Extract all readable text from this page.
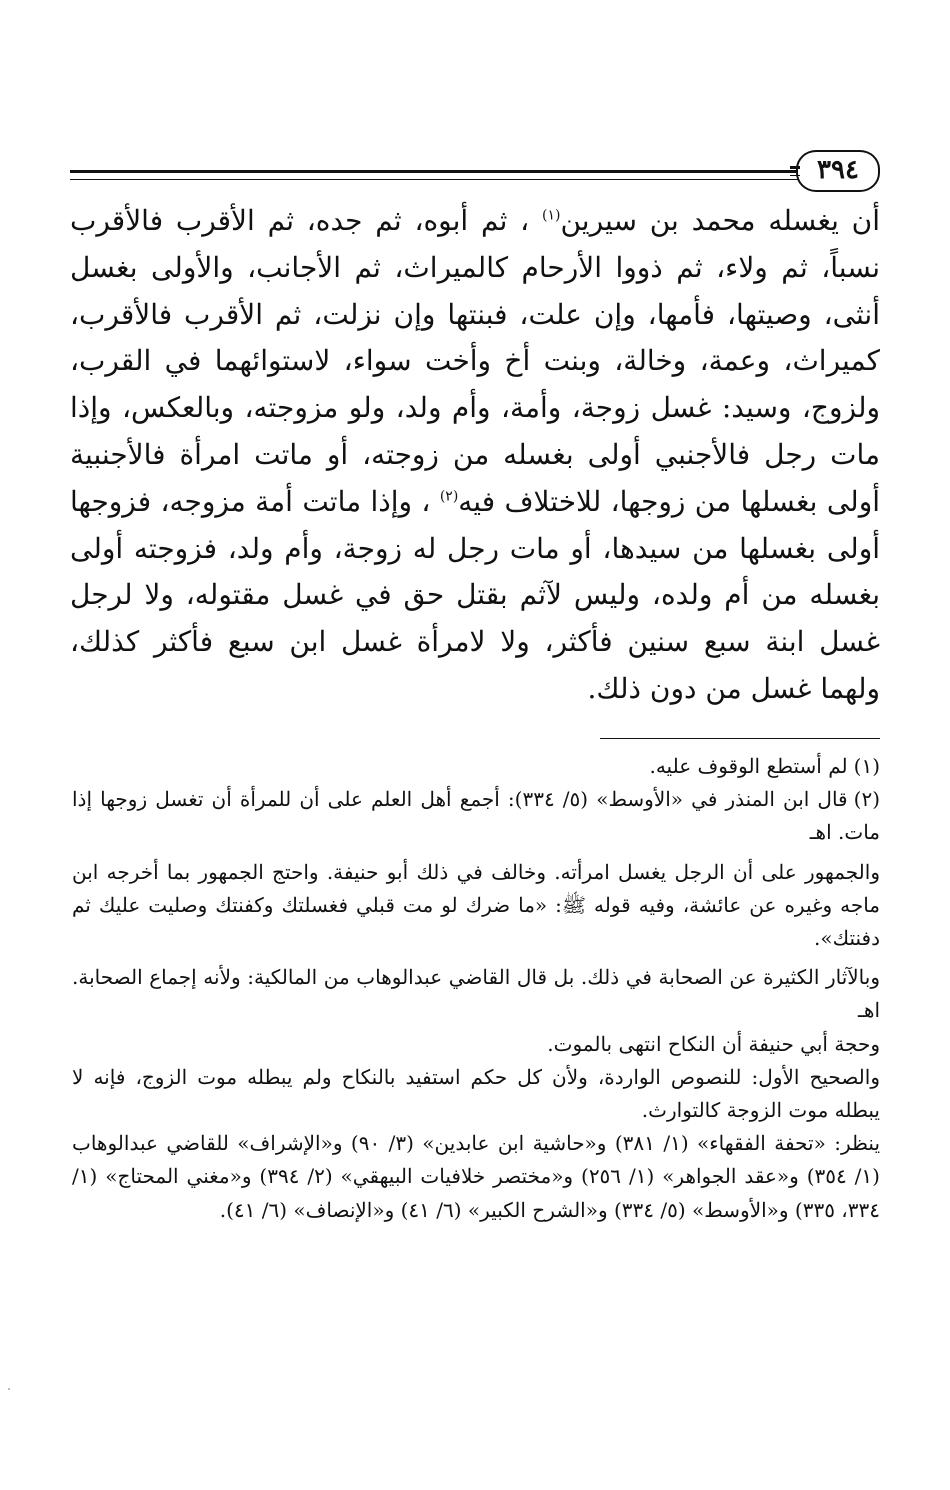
٣٩٤

أن يغسله محمد بن سيرين$^{(١)}$ ، ثم أبوه، ثم جده، ثم الأقرب فالأقرب نسباً، ثم ولاء، ثم ذووا الأرحام كالميراث، ثم الأجانب، والأولى بغسل أنثى، وصيتها، فأمها، وإن علت، فبنتها وإن نزلت، ثم الأقرب فالأقرب، كميراث، وعمة، وخالة، وبنت أخ وأخت سواء، لاستوائهما في القرب، ولزوج، وسيد: غسل زوجة، وأمة، وأم ولد، ولو مزوجته، وبالعكس، وإذا مات رجل فالأجنبي أولى بغسله من زوجته، أو ماتت امرأة فالأجنبية أولى بغسلها من زوجها، للاختلاف فيه$^{(٢)}$ ، وإذا ماتت أمة مزوجه، فزوجها أولى بغسلها من سيدها، أو مات رجل له زوجة، وأم ولد، فزوجته أولى بغسله من أم ولده، وليس لآثم بقتل حق في غسل مقتوله، ولا لرجل غسل ابنة سبع سنين فأكثر، ولا لامرأة غسل ابن سبع فأكثر كذلك، ولهما غسل من دون ذلك.

(١)لم أستطع الوقوف عليه.

(٢)قال ابن المنذر في «الأوسط» (٥/ ٣٣٤): أجمع أهل العلم على أن للمرأة أن تغسل زوجها إذا مات. اهـ

والجمهور على أن الرجل يغسل امرأته. وخالف في ذلك أبو حنيفة. واحتج الجمهور بما أخرجه ابن ماجه وغيره عن عائشة، وفيه قوله ﷺ: «ما ضرك لو مت قبلي فغسلتك وكفنتك وصليت عليك ثم دفنتك».

وبالآثار الكثيرة عن الصحابة في ذلك. بل قال القاضي عبدالوهاب من المالكية: ولأنه إجماع الصحابة. اهـ

وحجة أبي حنيفة أن النكاح انتهى بالموت.

والصحيح الأول: للنصوص الواردة، ولأن كل حكم استفيد بالنكاح ولم يبطله موت الزوج، فإنه لا يبطله موت الزوجة كالتوارث.

ينظر: «تحفة الفقهاء» (١/ ٣٨١) و«حاشية ابن عابدين» (٣/ ٩٠) و«الإشراف» للقاضي عبدالوهاب (١/ ٣٥٤) و«عقد الجواهر» (١/ ٢٥٦) و«مختصر خلافيات البيهقي» (٢/ ٣٩٤) و«مغني المحتاج» (١/ ٣٣٤، ٣٣٥) و«الأوسط» (٥/ ٣٣٤) و«الشرح الكبير» (٦/ ٤١) و«الإنصاف» (٦/ ٤١).
